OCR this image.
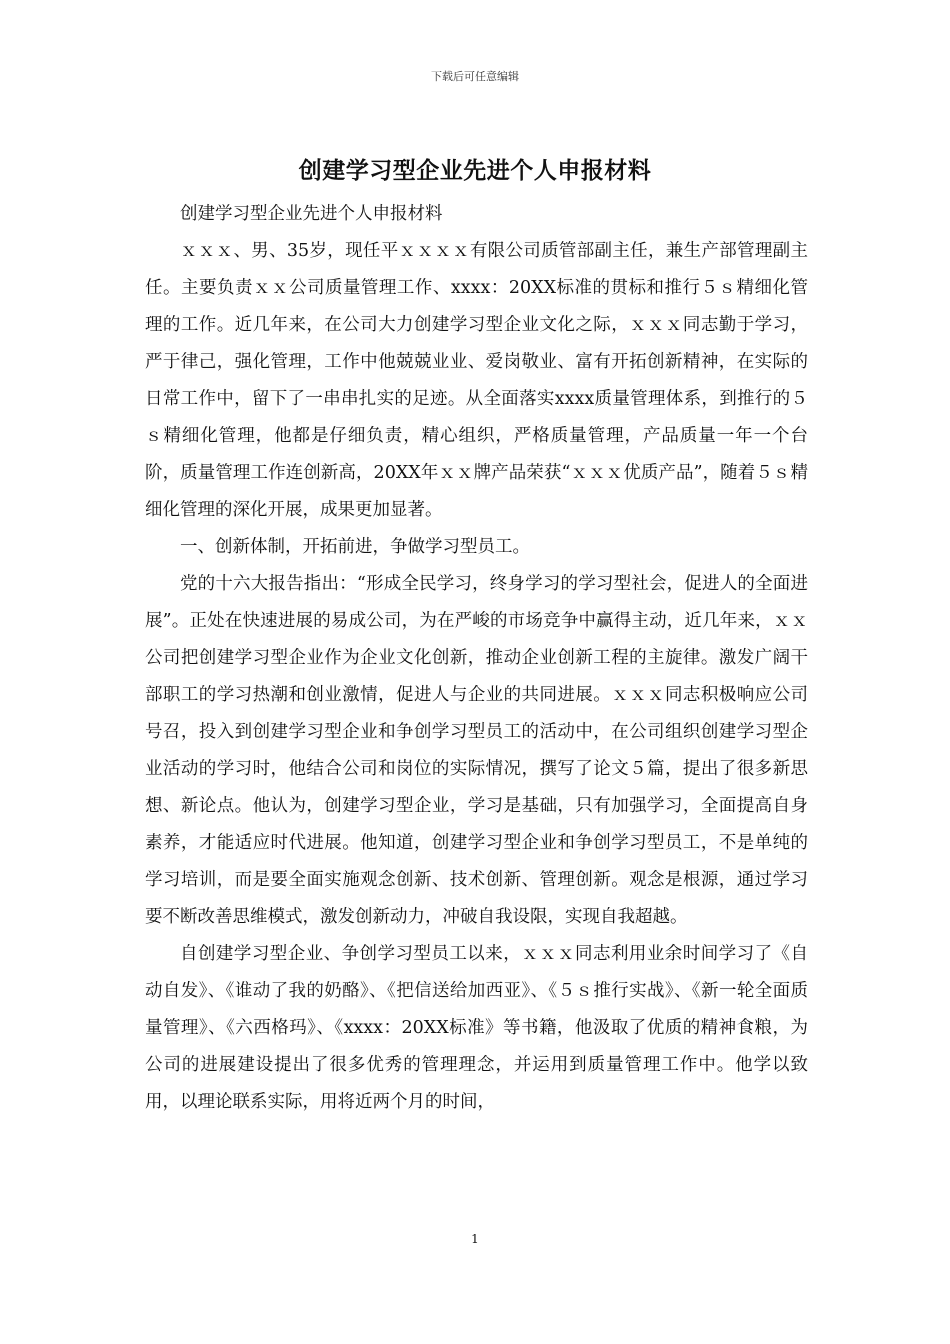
下载后可任意编辑
创建学习型企业先进个人申报材料

创建学习型企业先进个人申报材料

ｘｘｘ、男、35岁，现任平ｘｘｘｘ有限公司质管部副主任，兼生产部管理副主任。主要负责ｘｘ公司质量管理工作、xxxx：20XX标准的贯标和推行５ｓ精细化管理的工作。近几年来，在公司大力创建学习型企业文化之际，ｘｘｘ同志勤于学习，严于律己，强化管理，工作中他兢兢业业、爱岗敬业、富有开拓创新精神，在实际的日常工作中，留下了一串串扎实的足迹。从全面落实xxxx质量管理体系，到推行的５ｓ精细化管理，他都是仔细负责，精心组织，严格质量管理，产品质量一年一个台阶，质量管理工作连创新高，20XX年ｘｘ牌产品荣获“ｘｘｘ优质产品”，随着５ｓ精细化管理的深化开展，成果更加显著。

一、创新体制，开拓前进，争做学习型员工。

党的十六大报告指出：“形成全民学习，终身学习的学习型社会，促进人的全面进展”。正处在快速进展的易成公司，为在严峻的市场竞争中赢得主动，近几年来，ｘｘ公司把创建学习型企业作为企业文化创新，推动企业创新工程的主旋律。激发广阔干部职工的学习热潮和创业激情，促进人与企业的共同进展。ｘｘｘ同志积极响应公司号召，投入到创建学习型企业和争创学习型员工的活动中，在公司组织创建学习型企业活动的学习时，他结合公司和岗位的实际情况，撰写了论文５篇，提出了很多新思想、新论点。他认为，创建学习型企业，学习是基础，只有加强学习，全面提高自身素养，才能适应时代进展。他知道，创建学习型企业和争创学习型员工，不是单纯的学习培训，而是要全面实施观念创新、技术创新、管理创新。观念是根源，通过学习要不断改善思维模式，激发创新动力，冲破自我设限，实现自我超越。

自创建学习型企业、争创学习型员工以来，ｘｘｘ同志利用业余时间学习了《自动自发》、《谁动了我的奶酪》、《把信送给加西亚》、《５ｓ推行实战》、《新一轮全面质量管理》、《六西格玛》、《xxxx：20XX标准》等书籍，他汲取了优质的精神食粮，为公司的进展建设提出了很多优秀的管理理念，并运用到质量管理工作中。他学以致用，以理论联系实际，用将近两个月的时间，

1
